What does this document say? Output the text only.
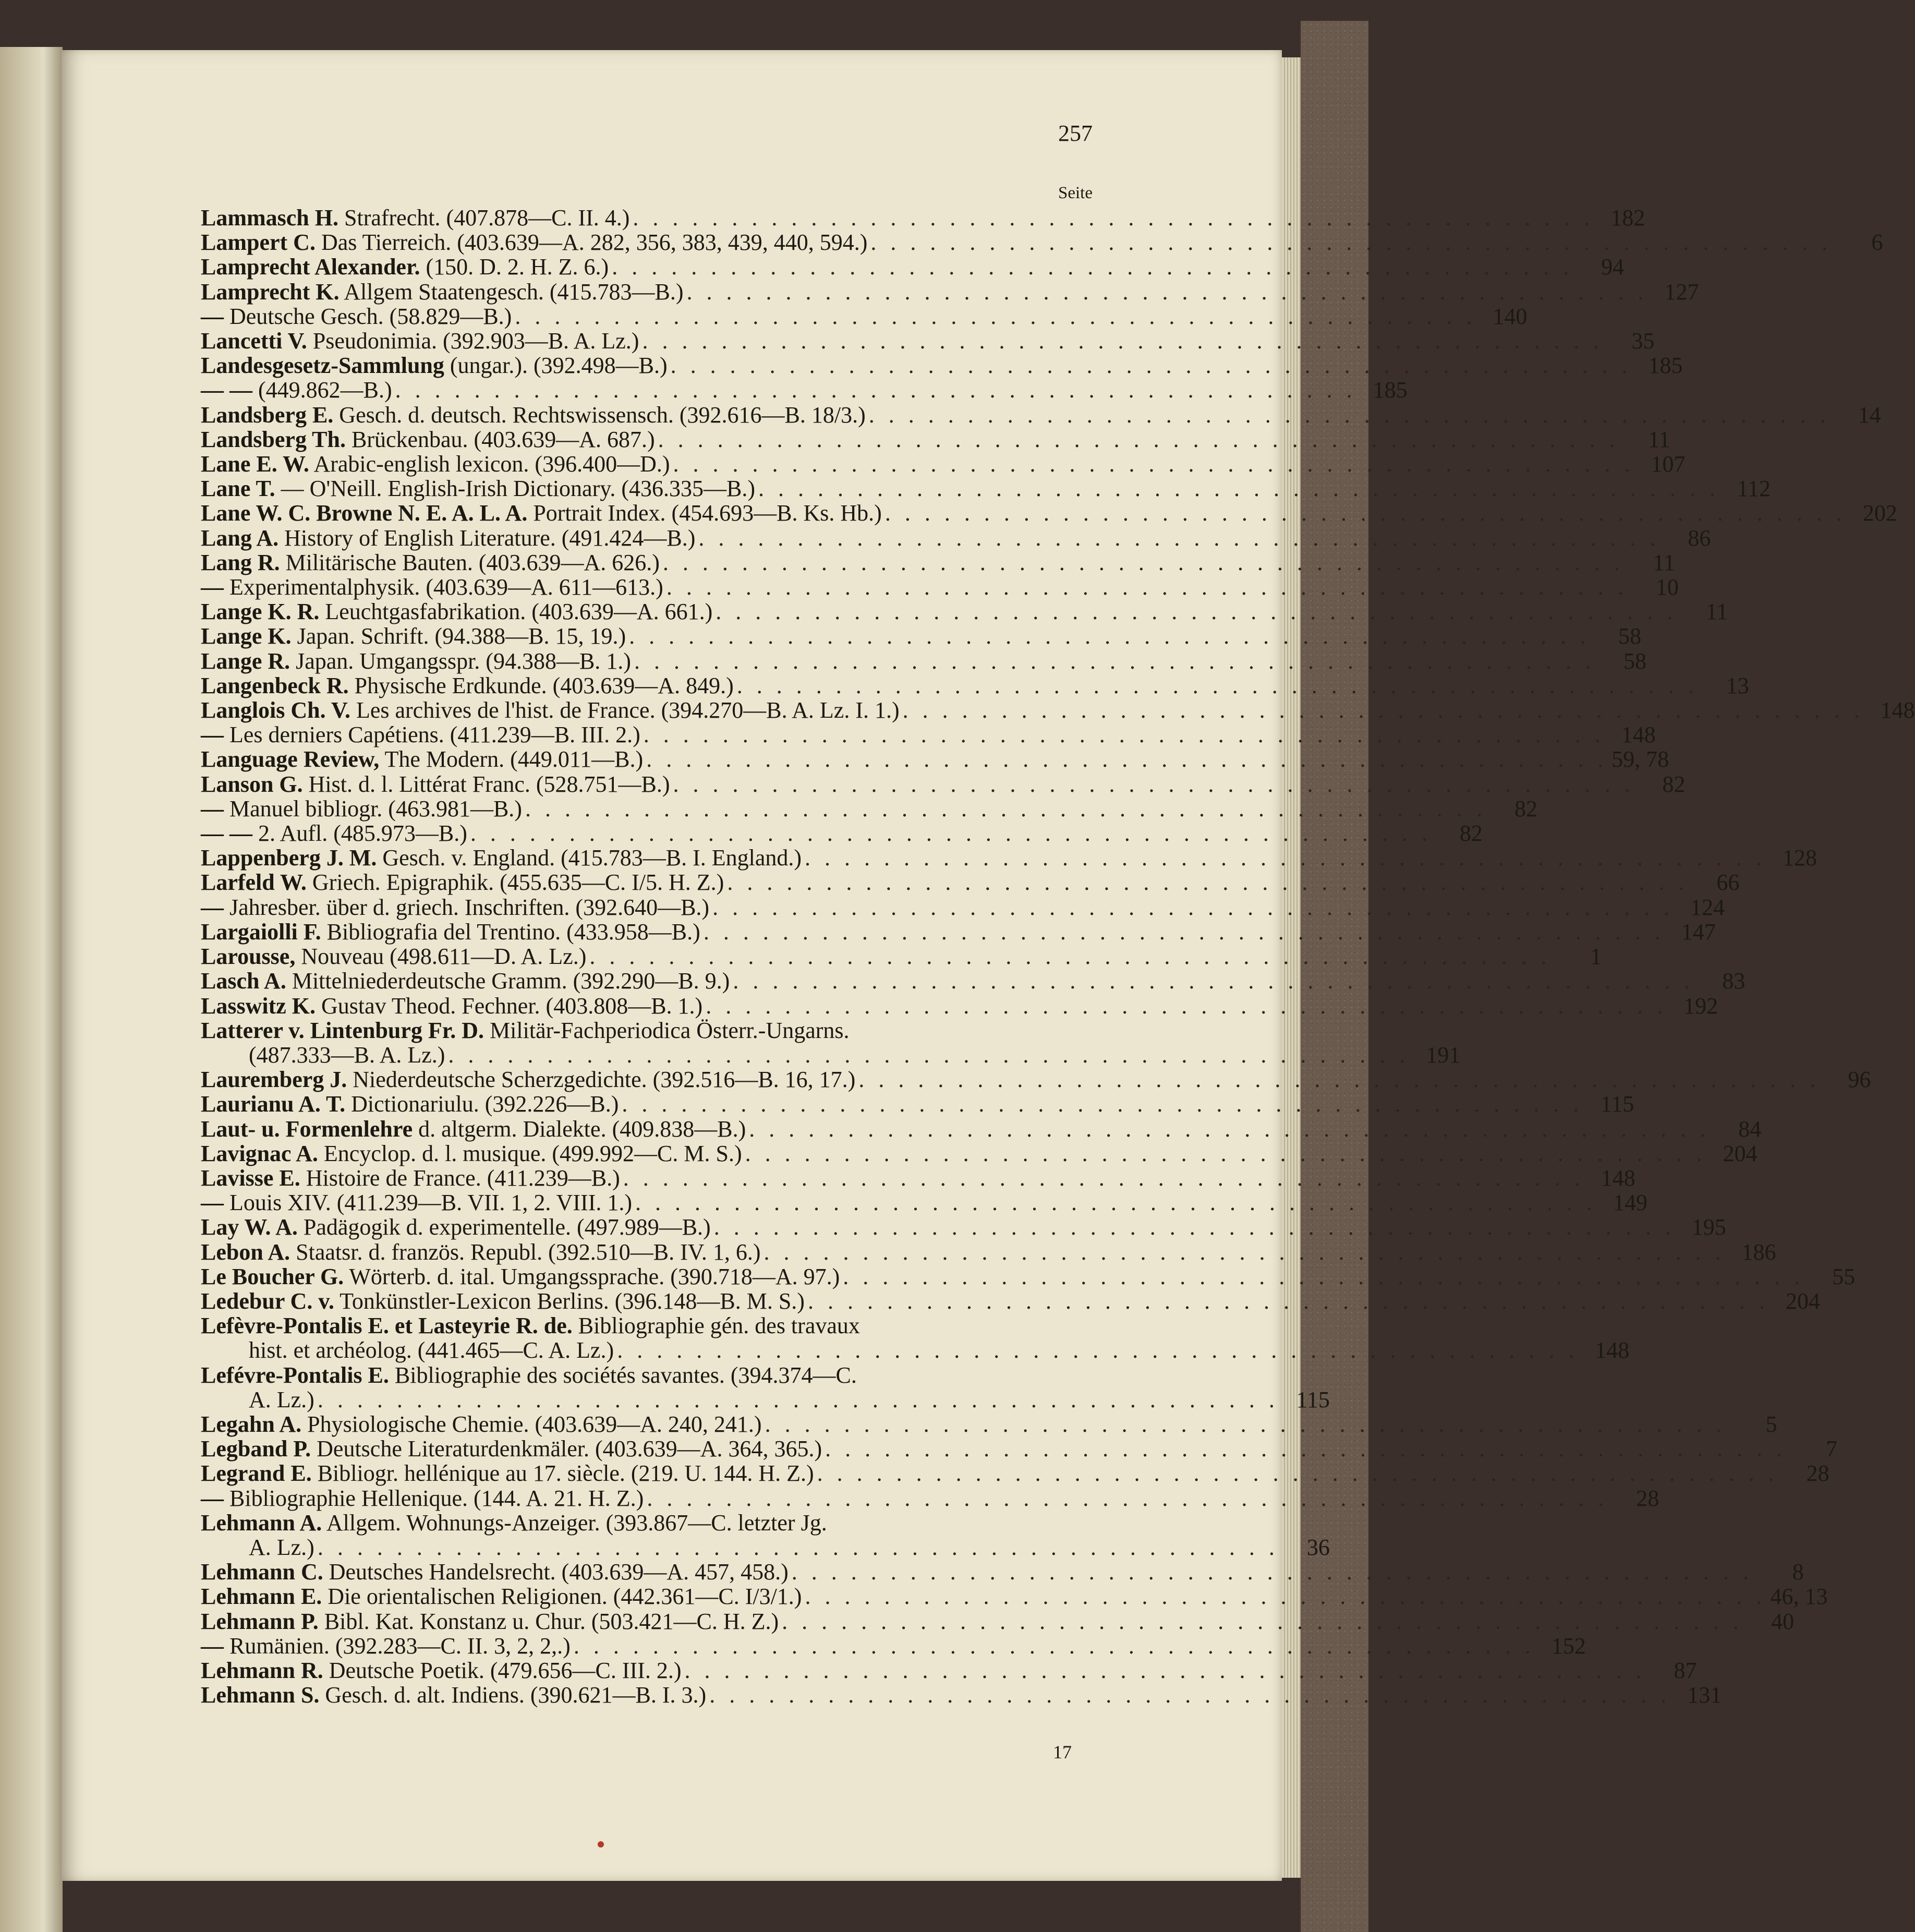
257
Seite
Lammasch H. Strafrecht. (407.878—C. II. 4.) . . . . . . . . . . . . . . . . . . . . . . . . . . . . . . . . . . . . . . . . . . . . . . . . . 182
Lampert C. Das Tierreich. (403.639—A. 282, 356, 383, 439, 440, 594.) . . . . . . . . . . . . . . . . . . . . . . . . . . . . . . . . . . . . . . . . . . . . . . . . .	6
Lamprecht Alexander. (150. D. 2. H. Z. 6.) . . . . . . . . . . . . . . . . . . . . . . . . . . . . . . . . . . . . . . . . . . . . . . . . .	94
Lamprecht K. Allgem Staatengesch. (415.783—B.) . . . . . . . . . . . . . . . . . . . . . . . . . . . . . . . . . . . . . . . . . . . . . . . . . 127
— Deutsche Gesch. (58.829—B.) . . . . . . . . . . . . . . . . . . . . . . . . . . . . . . . . . . . . . . . . . . . . . . . . . 140
Lancetti V. Pseudonimia. (392.903—B. A. Lz.) . . . . . . . . . . . . . . . . . . . . . . . . . . . . . . . . . . . . . . . . . . . . . . . . .	35
Landesgesetz-Sammlung (ungar.). (392.498—B.) . . . . . . . . . . . . . . . . . . . . . . . . . . . . . . . . . . . . . . . . . . . . . . . . . 185
— — (449.862—B.) . . . . . . . . . . . . . . . . . . . . . . . . . . . . . . . . . . . . . . . . . . . . . . . . . 185
Landsberg E. Gesch. d. deutsch. Rechtswissensch. (392.616—B. 18/3.) . . . . . . . . . . . . . . . . . . . . . . . . . . . . . . . . . . . . . . . . . . . . . . . . .	14
Landsberg Th. Brückenbau. (403.639—A. 687.) . . . . . . . . . . . . . . . . . . . . . . . . . . . . . . . . . . . . . . . . . . . . . . . . .	11
Lane E. W. Arabic-english lexicon. (396.400—D.) . . . . . . . . . . . . . . . . . . . . . . . . . . . . . . . . . . . . . . . . . . . . . . . . . 107
Lane T. — O'Neill. English-Irish Dictionary. (436.335—B.) . . . . . . . . . . . . . . . . . . . . . . . . . . . . . . . . . . . . . . . . . . . . . . . . . 112
Lane W. C. Browne N. E. A. L. A. Portrait Index. (454.693—B. Ks. Hb.) . . . . . . . . . . . . . . . . . . . . . . . . . . . . . . . . . . . . . . . . . . . . . . . . . 202
Lang A. History of English Literature. (491.424—B.) . . . . . . . . . . . . . . . . . . . . . . . . . . . . . . . . . . . . . . . . . . . . . . . . .	86
Lang R. Militärische Bauten. (403.639—A. 626.) . . . . . . . . . . . . . . . . . . . . . . . . . . . . . . . . . . . . . . . . . . . . . . . . .	11
— Experimentalphysik. (403.639—A. 611—613.) . . . . . . . . . . . . . . . . . . . . . . . . . . . . . . . . . . . . . . . . . . . . . . . . .	10
Lange K. R. Leuchtgasfabrikation. (403.639—A. 661.) . . . . . . . . . . . . . . . . . . . . . . . . . . . . . . . . . . . . . . . . . . . . . . . . .	11
Lange K. Japan. Schrift. (94.388—B. 15, 19.) . . . . . . . . . . . . . . . . . . . . . . . . . . . . . . . . . . . . . . . . . . . . . . . . .	58
Lange R. Japan. Umgangsspr. (94.388—B. 1.) . . . . . . . . . . . . . . . . . . . . . . . . . . . . . . . . . . . . . . . . . . . . . . . . .	58
Langenbeck R. Physische Erdkunde. (403.639—A. 849.) . . . . . . . . . . . . . . . . . . . . . . . . . . . . . . . . . . . . . . . . . . . . . . . . .	13
Langlois Ch. V. Les archives de l'hist. de France. (394.270—B. A. Lz. I. 1.) . . . . . . . . . . . . . . . . . . . . . . . . . . . . . . . . . . . . . . . . . . . . . . . . . 148
— Les derniers Capétiens. (411.239—B. III. 2.) . . . . . . . . . . . . . . . . . . . . . . . . . . . . . . . . . . . . . . . . . . . . . . . . . 148
Language Review, The Modern. (449.011—B.) . . . . . . . . . . . . . . . . . . . . . . . . . . . . . . . . . . . . . . . . . . . . . . . . . 59, 78
Lanson G. Hist. d. l. Littérat Franc. (528.751—B.) . . . . . . . . . . . . . . . . . . . . . . . . . . . . . . . . . . . . . . . . . . . . . . . . .	82
— Manuel bibliogr. (463.981—B.) . . . . . . . . . . . . . . . . . . . . . . . . . . . . . . . . . . . . . . . . . . . . . . . . .	82
— — 2. Aufl. (485.973—B.) . . . . . . . . . . . . . . . . . . . . . . . . . . . . . . . . . . . . . . . . . . . . . . . . .	82
Lappenberg J. M. Gesch. v. England. (415.783—B. I. England.) . . . . . . . . . . . . . . . . . . . . . . . . . . . . . . . . . . . . . . . . . . . . . . . . . 128
Larfeld W. Griech. Epigraphik. (455.635—C. I/5. H. Z.) . . . . . . . . . . . . . . . . . . . . . . . . . . . . . . . . . . . . . . . . . . . . . . . . .	66
— Jahresber. über d. griech. Inschriften. (392.640—B.) . . . . . . . . . . . . . . . . . . . . . . . . . . . . . . . . . . . . . . . . . . . . . . . . . 124
Largaiolli F. Bibliografia del Trentino. (433.958—B.) . . . . . . . . . . . . . . . . . . . . . . . . . . . . . . . . . . . . . . . . . . . . . . . . . 147
Larousse, Nouveau (498.611—D. A. Lz.) . . . . . . . . . . . . . . . . . . . . . . . . . . . . . . . . . . . . . . . . . . . . . . . . .	1
Lasch A. Mittelniederdeutsche Gramm. (392.290—B. 9.) . . . . . . . . . . . . . . . . . . . . . . . . . . . . . . . . . . . . . . . . . . . . . . . . .	83
Lasswitz K. Gustav Theod. Fechner. (403.808—B. 1.) . . . . . . . . . . . . . . . . . . . . . . . . . . . . . . . . . . . . . . . . . . . . . . . . . 192
Latterer v. Lintenburg Fr. D. Militär-Fachperiodica Österr.-Ungarns.
(487.333—B. A. Lz.) . . . . . . . . . . . . . . . . . . . . . . . . . . . . . . . . . . . . . . . . . . . . . . . . . 191
Lauremberg J. Niederdeutsche Scherzgedichte. (392.516—B. 16, 17.) . . . . . . . . . . . . . . . . . . . . . . . . . . . . . . . . . . . . . . . . . . . . . . . . .	96
Laurianu A. T. Dictionariulu. (392.226—B.) . . . . . . . . . . . . . . . . . . . . . . . . . . . . . . . . . . . . . . . . . . . . . . . . . 115
Laut- u. Formenlehre d. altgerm. Dialekte. (409.838—B.) . . . . . . . . . . . . . . . . . . . . . . . . . . . . . . . . . . . . . . . . . . . . . . . . .	84
Lavignac A. Encyclop. d. l. musique. (499.992—C. M. S.) . . . . . . . . . . . . . . . . . . . . . . . . . . . . . . . . . . . . . . . . . . . . . . . . . 204
Lavisse E. Histoire de France. (411.239—B.) . . . . . . . . . . . . . . . . . . . . . . . . . . . . . . . . . . . . . . . . . . . . . . . . . 148
— Louis XIV. (411.239—B. VII. 1, 2. VIII. 1.) . . . . . . . . . . . . . . . . . . . . . . . . . . . . . . . . . . . . . . . . . . . . . . . . . 149
Lay W. A. Padägogik d. experimentelle. (497.989—B.) . . . . . . . . . . . . . . . . . . . . . . . . . . . . . . . . . . . . . . . . . . . . . . . . . 195
Lebon A. Staatsr. d. französ. Republ. (392.510—B. IV. 1, 6.) . . . . . . . . . . . . . . . . . . . . . . . . . . . . . . . . . . . . . . . . . . . . . . . . . 186
Le Boucher G. Wörterb. d. ital. Umgangssprache. (390.718—A. 97.) . . . . . . . . . . . . . . . . . . . . . . . . . . . . . . . . . . . . . . . . . . . . . . . . .	55
Ledebur C. v. Tonkünstler-Lexicon Berlins. (396.148—B. M. S.) . . . . . . . . . . . . . . . . . . . . . . . . . . . . . . . . . . . . . . . . . . . . . . . . . 204
Lefèvre-Pontalis E. et Lasteyrie R. de. Bibliographie gén. des travaux
hist. et archéolog. (441.465—C. A. Lz.) . . . . . . . . . . . . . . . . . . . . . . . . . . . . . . . . . . . . . . . . . . . . . . . . . 148
Lefévre-Pontalis E. Bibliographie des sociétés savantes. (394.374—C.
A. Lz.) . . . . . . . . . . . . . . . . . . . . . . . . . . . . . . . . . . . . . . . . . . . . . . . . . 115
Legahn A. Physiologische Chemie. (403.639—A. 240, 241.) . . . . . . . . . . . . . . . . . . . . . . . . . . . . . . . . . . . . . . . . . . . . . . . . .	5
Legband P. Deutsche Literaturdenkmäler. (403.639—A. 364, 365.) . . . . . . . . . . . . . . . . . . . . . . . . . . . . . . . . . . . . . . . . . . . . . . . . .	7
Legrand E. Bibliogr. hellénique au 17. siècle. (219. U. 144. H. Z.) . . . . . . . . . . . . . . . . . . . . . . . . . . . . . . . . . . . . . . . . . . . . . . . . .	28
— Bibliographie Hellenique. (144. A. 21. H. Z.) . . . . . . . . . . . . . . . . . . . . . . . . . . . . . . . . . . . . . . . . . . . . . . . . .	28
Lehmann A. Allgem. Wohnungs-Anzeiger. (393.867—C. letzter Jg.
A. Lz.) . . . . . . . . . . . . . . . . . . . . . . . . . . . . . . . . . . . . . . . . . . . . . . . . .	36
Lehmann C. Deutsches Handelsrecht. (403.639—A. 457, 458.) . . . . . . . . . . . . . . . . . . . . . . . . . . . . . . . . . . . . . . . . . . . . . . . . .	8
Lehmann E. Die orientalischen Religionen. (442.361—C. I/3/1.) . . . . . . . . . . . . . . . . . . . . . . . . . . . . . . . . . . . . . . . . . . . . . . . . . 46, 13
Lehmann P. Bibl. Kat. Konstanz u. Chur. (503.421—C. H. Z.) . . . . . . . . . . . . . . . . . . . . . . . . . . . . . . . . . . . . . . . . . . . . . . . . .	40
— Rumänien. (392.283—C. II. 3, 2, 2,.) . . . . . . . . . . . . . . . . . . . . . . . . . . . . . . . . . . . . . . . . . . . . . . . . . 152
Lehmann R. Deutsche Poetik. (479.656—C. III. 2.) . . . . . . . . . . . . . . . . . . . . . . . . . . . . . . . . . . . . . . . . . . . . . . . . .	87
Lehmann S. Gesch. d. alt. Indiens. (390.621—B. I. 3.) . . . . . . . . . . . . . . . . . . . . . . . . . . . . . . . . . . . . . . . . . . . . . . . . . 131
17
